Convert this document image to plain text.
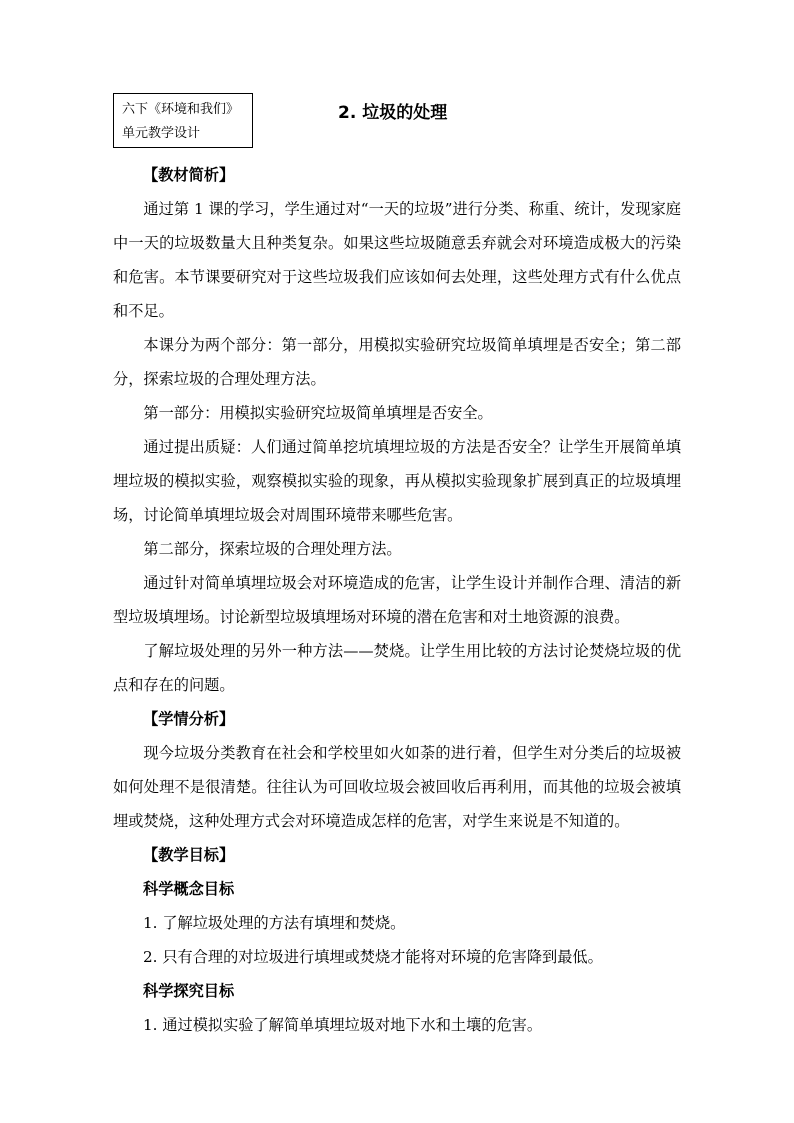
六下《环境和我们》
单元教学设计
2. 垃圾的处理

【教材简析】

通过第 1 课的学习，学生通过对“一天的垃圾”进行分类、称重、统计，发现家庭中一天的垃圾数量大且种类复杂。如果这些垃圾随意丢弃就会对环境造成极大的污染和危害。本节课要研究对于这些垃圾我们应该如何去处理，这些处理方式有什么优点和不足。

本课分为两个部分：第一部分，用模拟实验研究垃圾简单填埋是否安全；第二部分，探索垃圾的合理处理方法。

第一部分：用模拟实验研究垃圾简单填埋是否安全。

通过提出质疑：人们通过简单挖坑填埋垃圾的方法是否安全？让学生开展简单填埋垃圾的模拟实验，观察模拟实验的现象，再从模拟实验现象扩展到真正的垃圾填埋场，讨论简单填埋垃圾会对周围环境带来哪些危害。

第二部分，探索垃圾的合理处理方法。

通过针对简单填埋垃圾会对环境造成的危害，让学生设计并制作合理、清洁的新型垃圾填埋场。讨论新型垃圾填埋场对环境的潜在危害和对土地资源的浪费。

了解垃圾处理的另外一种方法——焚烧。让学生用比较的方法讨论焚烧垃圾的优点和存在的问题。

【学情分析】

现今垃圾分类教育在社会和学校里如火如荼的进行着，但学生对分类后的垃圾被如何处理不是很清楚。往往认为可回收垃圾会被回收后再利用，而其他的垃圾会被填埋或焚烧，这种处理方式会对环境造成怎样的危害，对学生来说是不知道的。

【教学目标】

科学概念目标

1. 了解垃圾处理的方法有填埋和焚烧。

2. 只有合理的对垃圾进行填埋或焚烧才能将对环境的危害降到最低。

科学探究目标

1. 通过模拟实验了解简单填埋垃圾对地下水和土壤的危害。
